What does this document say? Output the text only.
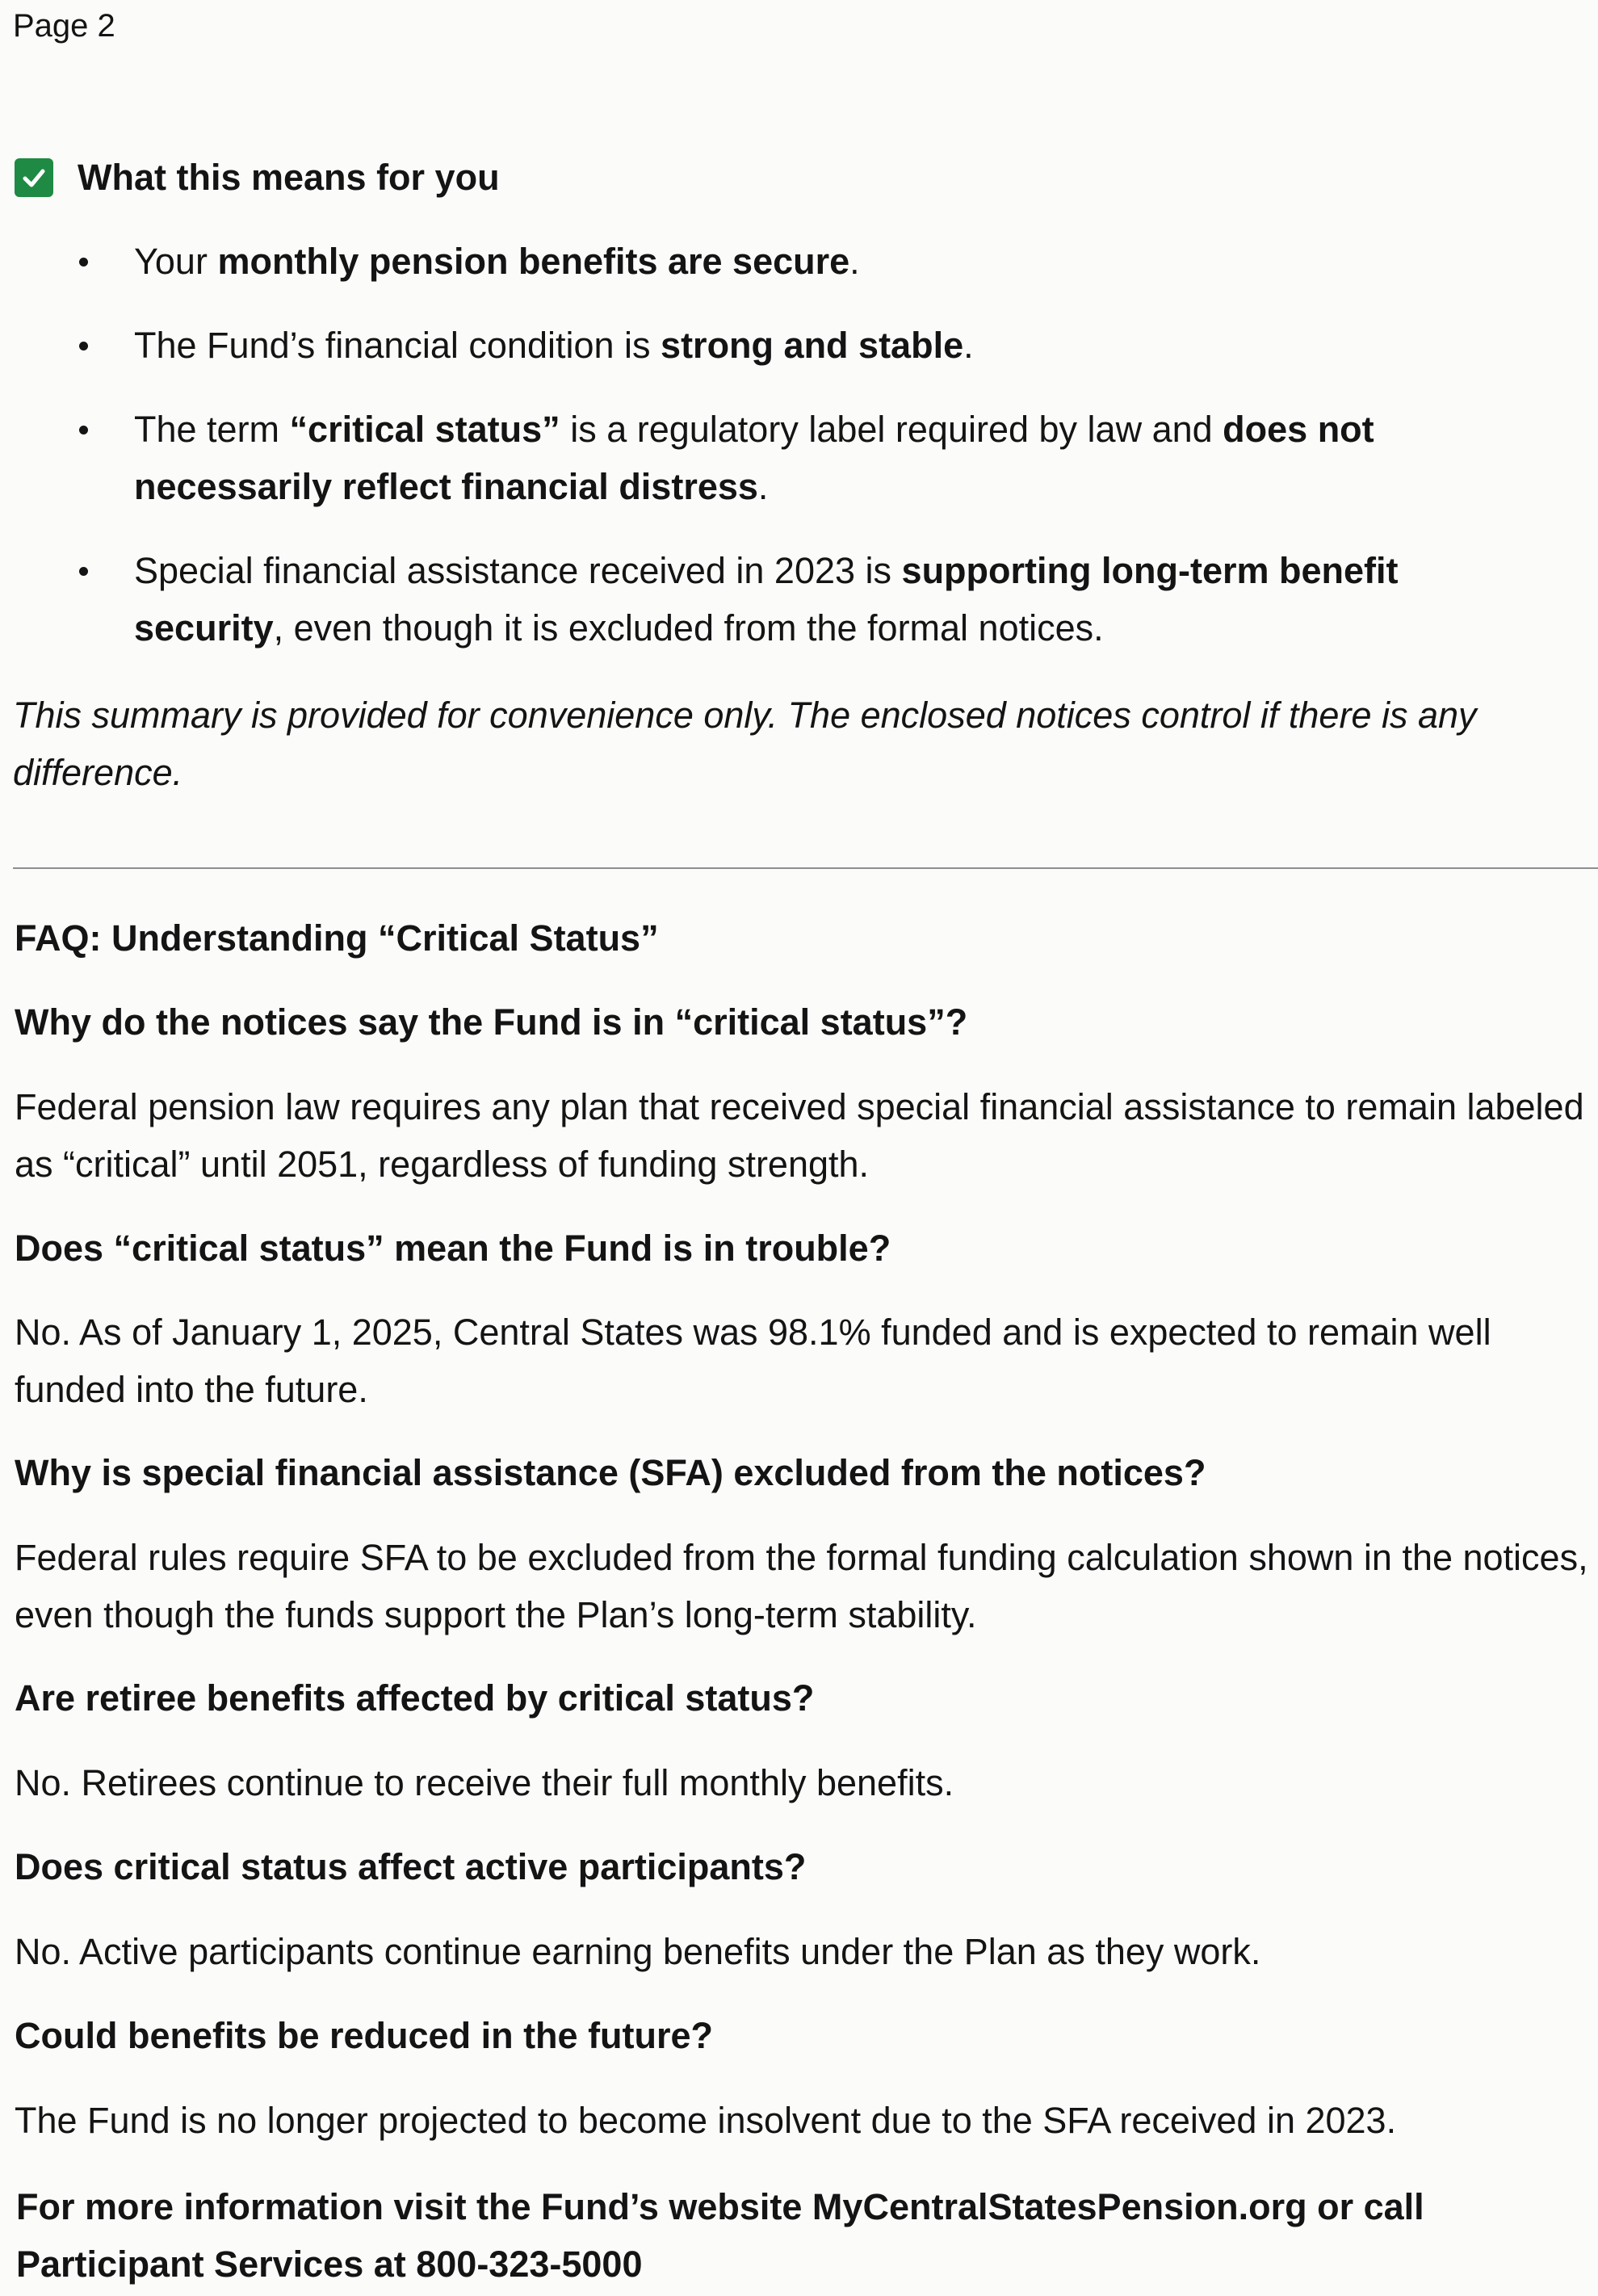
Page 2
What this means for you
Your monthly pension benefits are secure.
The Fund’s financial condition is strong and stable.
The term “critical status” is a regulatory label required by law and does not necessarily reflect financial distress.
Special financial assistance received in 2023 is supporting long-term benefit security, even though it is excluded from the formal notices.
This summary is provided for convenience only. The enclosed notices control if there is any difference.
FAQ: Understanding “Critical Status”
Why do the notices say the Fund is in “critical status”?
Federal pension law requires any plan that received special financial assistance to remain labeled as “critical” until 2051, regardless of funding strength.
Does “critical status” mean the Fund is in trouble?
No. As of January 1, 2025, Central States was 98.1% funded and is expected to remain well funded into the future.
Why is special financial assistance (SFA) excluded from the notices?
Federal rules require SFA to be excluded from the formal funding calculation shown in the notices, even though the funds support the Plan’s long-term stability.
Are retiree benefits affected by critical status?
No. Retirees continue to receive their full monthly benefits.
Does critical status affect active participants?
No. Active participants continue earning benefits under the Plan as they work.
Could benefits be reduced in the future?
The Fund is no longer projected to become insolvent due to the SFA received in 2023.
For more information visit the Fund’s website MyCentralStatesPension.org or call Participant Services at 800-323-5000
